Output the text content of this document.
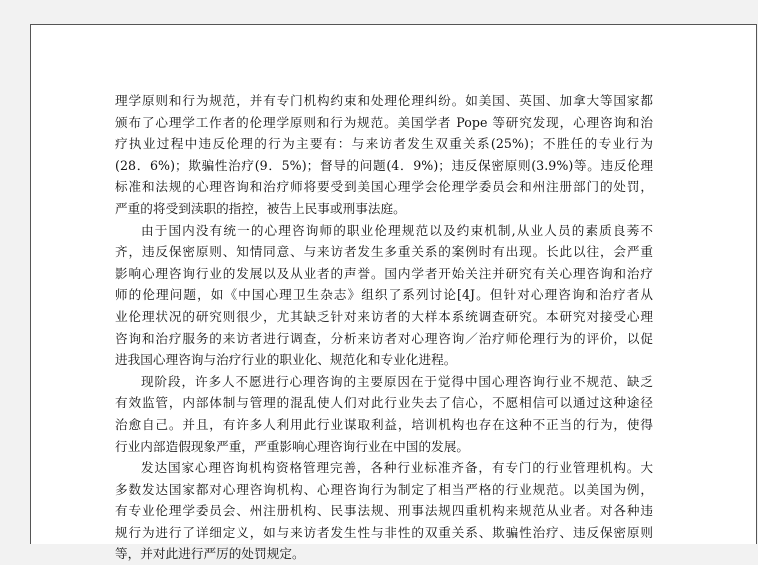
理学原则和行为规范，并有专门机构约束和处理伦理纠纷。如美国、英国、加拿大等国家都
颁布了心理学工作者的伦理学原则和行为规范。美国学者 Pope 等研究发现，心理咨询和治
疗执业过程中违反伦理的行为主要有：与来访者发生双重关系(25%)；不胜任的专业行为
(28．6%)；欺骗性治疗(9．5%)；督导的问题(4．9%)；违反保密原则(3.9%)等。违反伦理
标准和法规的心理咨询和治疗师将要受到美国心理学会伦理学委员会和州注册部门的处罚，
严重的将受到渎职的指控，被告上民事或刑事法庭。
由于国内没有统一的心理咨询师的职业伦理规范以及约束机制,从业人员的素质良莠不
齐，违反保密原则、知情同意、与来访者发生多重关系的案例时有出现。长此以往，会严重
影响心理咨询行业的发展以及从业者的声誉。国内学者开始关注并研究有关心理咨询和治疗
师的伦理问题，如《中国心理卫生杂志》组织了系列讨论[4J。但针对心理咨询和治疗者从
业伦理状况的研究则很少，尤其缺乏针对来访者的大样本系统调查研究。本研究对接受心理
咨询和治疗服务的来访者进行调查，分析来访者对心理咨询／治疗师伦理行为的评价，以促
进我国心理咨询与治疗行业的职业化、规范化和专业化进程。
现阶段，许多人不愿进行心理咨询的主要原因在于觉得中国心理咨询行业不规范、缺乏
有效监管，内部体制与管理的混乱使人们对此行业失去了信心，不愿相信可以通过这种途径
治愈自己。并且，有许多人利用此行业谋取利益，培训机构也存在这种不正当的行为，使得
行业内部造假现象严重，严重影响心理咨询行业在中国的发展。
发达国家心理咨询机构资格管理完善，各种行业标准齐备，有专门的行业管理机构。大
多数发达国家都对心理咨询机构、心理咨询行为制定了相当严格的行业规范。以美国为例，
有专业伦理学委员会、州注册机构、民事法规、刑事法规四重机构来规范从业者。对各种违
规行为进行了详细定义，如与来访者发生性与非性的双重关系、欺骗性治疗、违反保密原则
等，并对此进行严厉的处罚规定。
